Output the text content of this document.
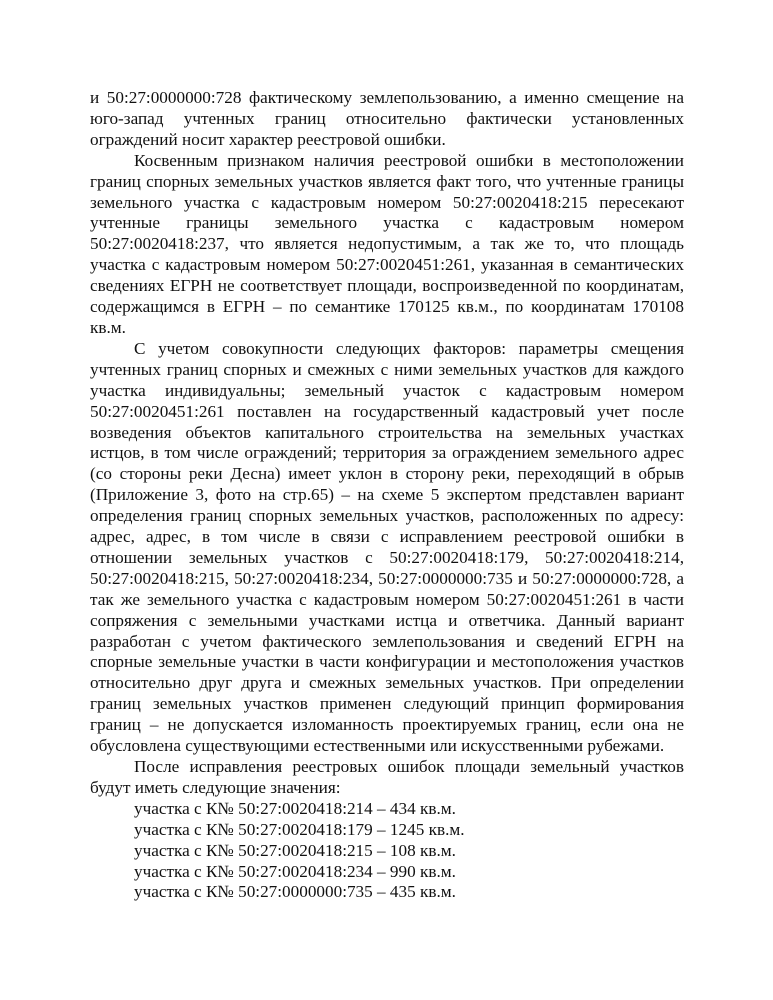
и 50:27:0000000:728 фактическому землепользованию, а именно смещение на юго-запад учтенных границ относительно фактически установленных ограждений носит характер реестровой ошибки.

Косвенным признаком наличия реестровой ошибки в местоположении границ спорных земельных участков является факт того, что учтенные границы земельного участка с кадастровым номером 50:27:0020418:215 пересекают учтенные границы земельного участка с кадастровым номером 50:27:0020418:237, что является недопустимым, а так же то, что площадь участка с кадастровым номером 50:27:0020451:261, указанная в семантических сведениях ЕГРН не соответствует площади, воспроизведенной по координатам, содержащимся в ЕГРН – по семантике 170125 кв.м., по координатам 170108 кв.м.

С учетом совокупности следующих факторов: параметры смещения учтенных границ спорных и смежных с ними земельных участков для каждого участка индивидуальны; земельный участок с кадастровым номером 50:27:0020451:261 поставлен на государственный кадастровый учет после возведения объектов капитального строительства на земельных участках истцов, в том числе ограждений; территория за ограждением земельного адрес (со стороны реки Десна) имеет уклон в сторону реки, переходящий в обрыв (Приложение 3, фото на стр.65) – на схеме 5 экспертом представлен вариант определения границ спорных земельных участков, расположенных по адресу: адрес, адрес, в том числе в связи с исправлением реестровой ошибки в отношении земельных участков с 50:27:0020418:179, 50:27:0020418:214, 50:27:0020418:215, 50:27:0020418:234, 50:27:0000000:735 и 50:27:0000000:728, а так же земельного участка с кадастровым номером 50:27:0020451:261 в части сопряжения с земельными участками истца и ответчика. Данный вариант разработан с учетом фактического землепользования и сведений ЕГРН на спорные земельные участки в части конфигурации и местоположения участков относительно друг друга и смежных земельных участков. При определении границ земельных участков применен следующий принцип формирования границ – не допускается изломанность проектируемых границ, если она не обусловлена существующими естественными или искусственными рубежами.

После исправления реестровых ошибок площади земельный участков будут иметь следующие значения:

участка с К№ 50:27:0020418:214 – 434 кв.м.
участка с К№ 50:27:0020418:179 – 1245 кв.м.
участка с К№ 50:27:0020418:215 – 108 кв.м.
участка с К№ 50:27:0020418:234 – 990 кв.м.
участка с К№ 50:27:0000000:735 – 435 кв.м.
